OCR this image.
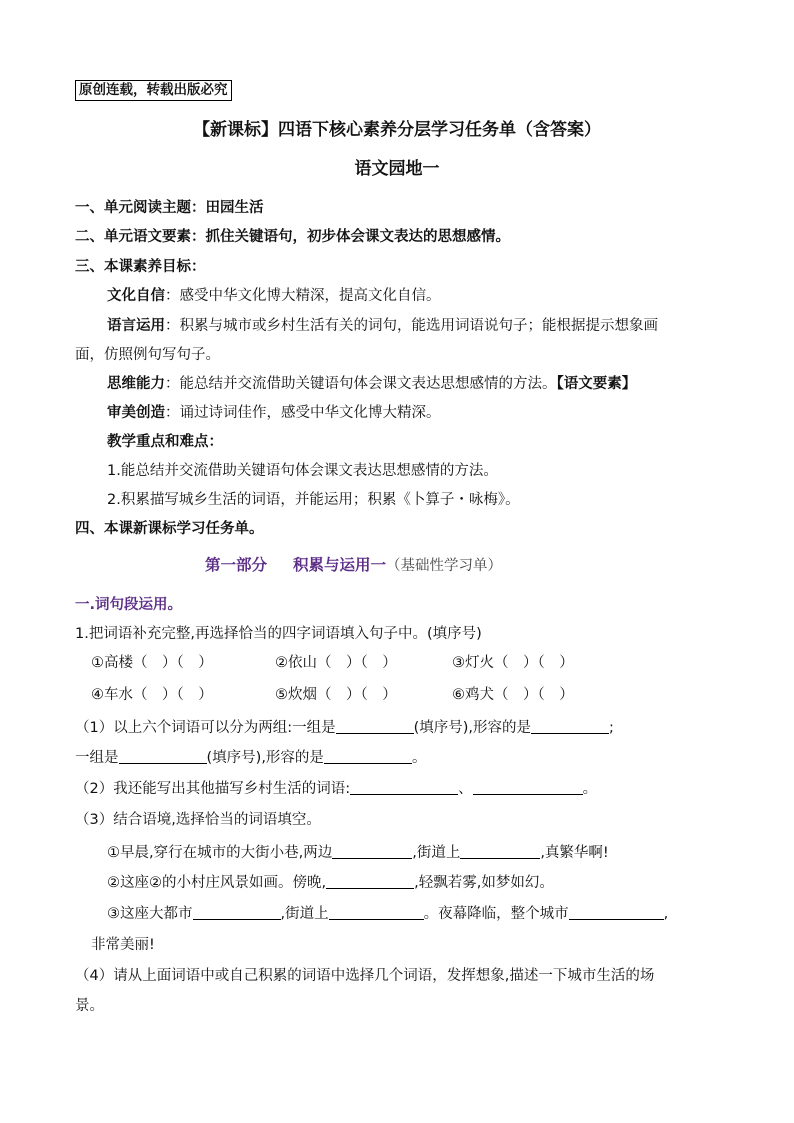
原创连载，转载出版必究
【新课标】四语下核心素养分层学习任务单（含答案）
语文园地一
一、单元阅读主题：田园生活
二、单元语文要素：抓住关键语句，初步体会课文表达的思想感情。
三、本课素养目标：
文化自信：感受中华文化博大精深，提高文化自信。
语言运用：积累与城市或乡村生活有关的词句，能选用词语说句子；能根据提示想象画
面，仿照例句写句子。
思维能力：能总结并交流借助关键语句体会课文表达思想感情的方法。【语文要素】
审美创造：诵过诗词佳作，感受中华文化博大精深。
教学重点和难点：
1.能总结并交流借助关键语句体会课文表达思想感情的方法。
2.积累描写城乡生活的词语，并能运用；积累《卜算子・咏梅》。
四、本课新课标学习任务单。
第一部分 积累与运用一（基础性学习单）
一.词句段运用。
1.把词语补充完整,再选择恰当的四字词语填入句子中。(填序号)
①高楼（　）（　）	②依山（　）（　）	③灯火（　）（　）
④车水（　）（　）	⑤炊烟（　）（　）	⑥鸡犬（　）（　）
（1）以上六个词语可以分为两组:一组是	(填序号),形容的是	;
一组是	(填序号),形容的是	。
（2）我还能写出其他描写乡村生活的词语:	、	。
（3）结合语境,选择恰当的词语填空。
①早晨,穿行在城市的大街小巷,两边	,街道上	,真繁华啊!
②这座②的小村庄风景如画。傍晚,	,轻飘若雾,如梦如幻。
③这座大都市	,街道上	。夜幕降临，整个城市	,
非常美丽!
（4）请从上面词语中或自己积累的词语中选择几个词语，发挥想象,描述一下城市生活的场
景。
